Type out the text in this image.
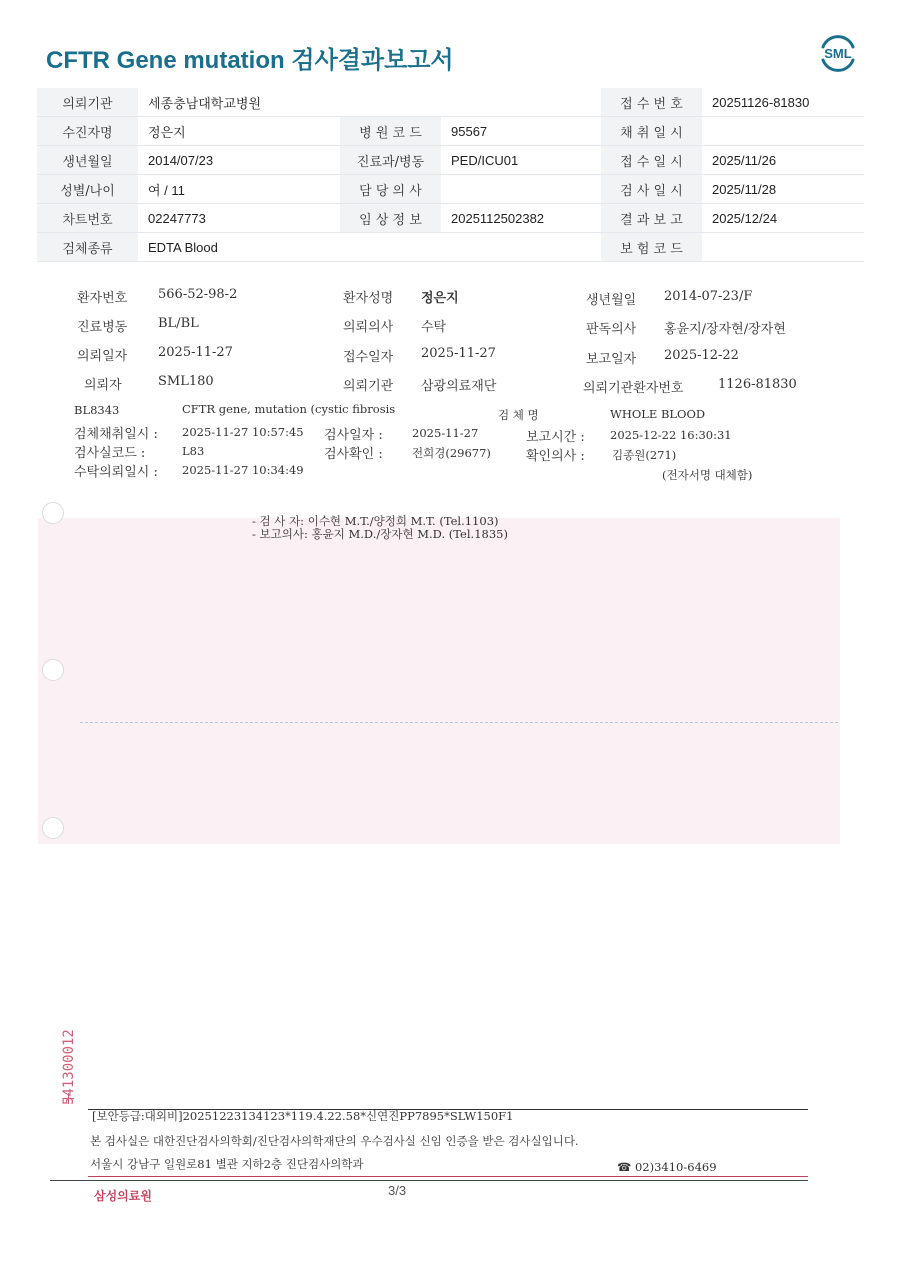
CFTR Gene mutation 검사결과보고서	SML
의뢰기관	세종충남대학교병원			접 수 번 호	20251126-81830
수진자명	정은지	병 원 코 드	95567	채 취 일 시	
생년월일	2014/07/23	진료과/병동	PED/ICU01	접 수 일 시	2025/11/26
성별/나이	여 / 11	담 당 의 사		검 사 일 시	2025/11/28
차트번호	02247773	임 상 정 보	2025112502382	결 과 보 고	2025/12/24
검체종류	EDTA Blood			보 험 코 드	
환자번호 566-52-98-2	환자성명 정은지	생년월일 2014-07-23/F
진료병동 BL/BL	의뢰의사 수탁	판독의사 홍윤지/장자현/장자현
의뢰일자 2025-11-27	접수일자 2025-11-27	보고일자 2025-12-22
의뢰자	SML180	의뢰기관 삼광의료재단	의뢰기관환자번호	1126-81830
BL8343	CFTR gene, mutation (cystic fibrosis	검 체 명	WHOLE BLOOD
검체채취일시 : 2025-11-27 10:57:45 검사일자 :	2025-11-27	보고시간 : 2025-12-22 16:30:31
검사실코드 :	L83	검사확인 :	전희경(29677)	확인의사 : 김종원(271)
수탁의뢰일시 : 2025-11-27 10:34:49	(전자서명 대체함)
- 검 사 자: 이수현 M.T./양정희 M.T. (Tel.1103)
- 보고의사: 홍윤지 M.D./장자현 M.D. (Tel.1835)
541300012
[보안등급:대외비]20251223134123*119.4.22.58*신연진PP7895*SLW150F1
본 검사실은 대한진단검사의학회/진단검사의학재단의 우수검사실 신임 인증을 받은 검사실입니다.
서울시 강남구 일원로81 별관 지하2층 진단검사의학과	☎ 02)3410-6469
삼성의료원	3/3
